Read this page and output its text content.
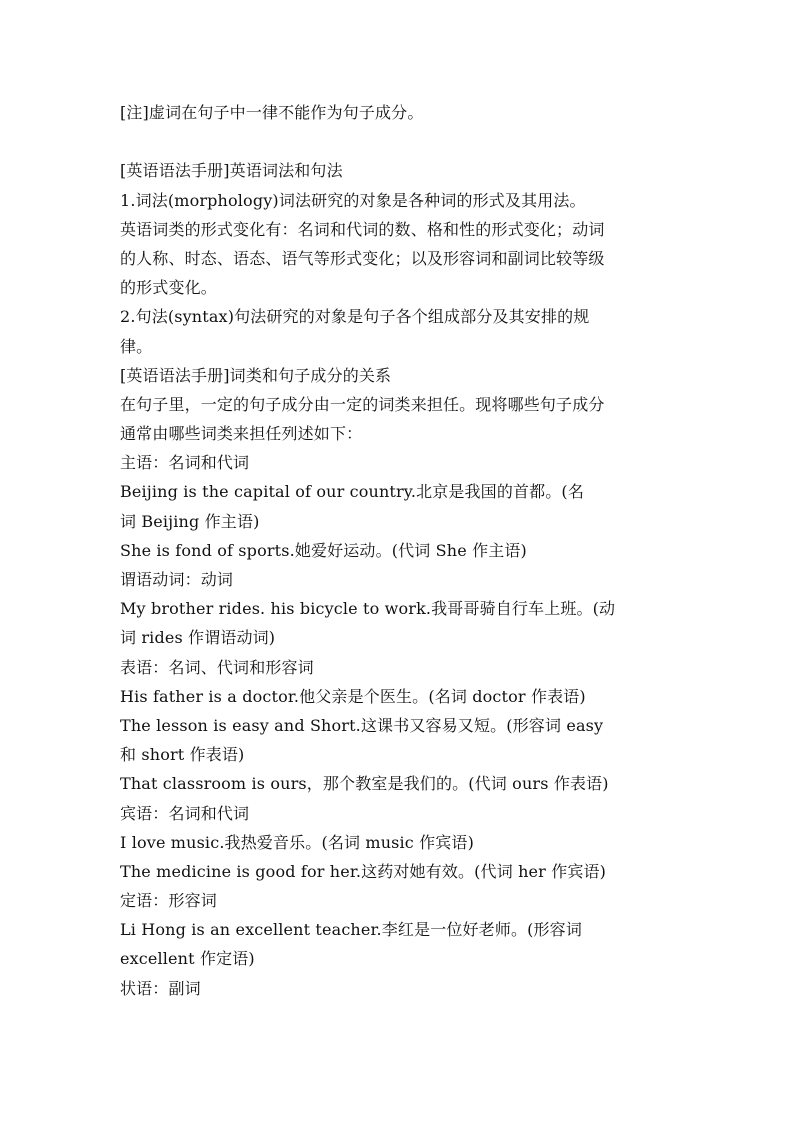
[注]虚词在句子中一律不能作为句子成分。
[英语语法手册]英语词法和句法
1.词法(morphology)词法研究的对象是各种词的形式及其用法。
英语词类的形式变化有：名词和代词的数、格和性的形式变化；动词
的人称、时态、语态、语气等形式变化；以及形容词和副词比较等级
的形式变化。
2.句法(syntax)句法研究的对象是句子各个组成部分及其安排的规
律。
[英语语法手册]词类和句子成分的关系
在句子里，一定的句子成分由一定的词类来担任。现将哪些句子成分
通常由哪些词类来担任列述如下：
主语：名词和代词
Beijing is the capital of our country.北京是我国的首都。(名
词 Beijing 作主语)
She is fond of sports.她爱好运动。(代词 She 作主语)
谓语动词：动词
My brother rides. his bicycle to work.我哥哥骑自行车上班。(动
词 rides 作谓语动词)
表语：名词、代词和形容词
His father is a doctor.他父亲是个医生。(名词 doctor 作表语)
The lesson is easy and Short.这课书又容易又短。(形容词 easy
和 short 作表语)
That classroom is ours，那个教室是我们的。(代词 ours 作表语)
宾语：名词和代词
I love music.我热爱音乐。(名词 music 作宾语)
The medicine is good for her.这药对她有效。(代词 her 作宾语)
定语：形容词
Li Hong is an excellent teacher.李红是一位好老师。(形容词
excellent 作定语)
状语：副词
